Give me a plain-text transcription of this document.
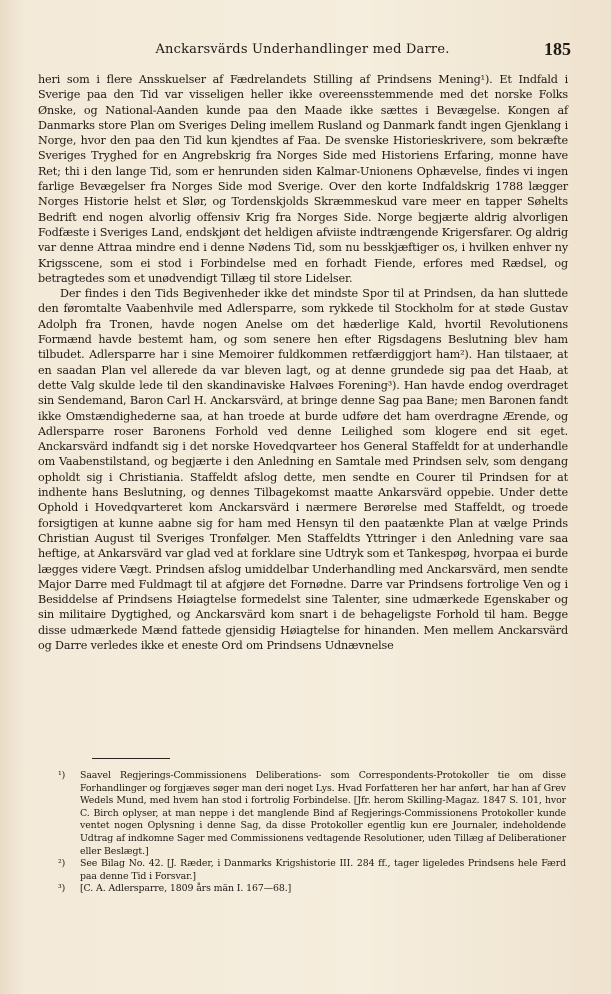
Anckarsvärds Underhandlinger med Darre.	185

heri som i flere Ansskuelser af Fædrelandets Stilling af Prindsens Mening¹). Et Indfald i Sverige paa den Tid var visseligen heller ikke overeensstemmende med det norske Folks Ønske, og National-Aanden kunde paa den Maade ikke sættes i Bevægelse. Kongen af Danmarks store Plan om Sveriges Deling imellem Rusland og Danmark fandt ingen Gjenklang i Norge, hvor den paa den Tid kun kjendtes af Faa. De svenske Historieskrivere, som bekræfte Sveriges Tryghed for en Angrebskrig fra Norges Side med Historiens Erfaring, monne have Ret; thi i den lange Tid, som er henrunden siden Kalmar-Unionens Ophævelse, findes vi ingen farlige Bevægelser fra Norges Side mod Sverige. Over den korte Indfaldskrig 1788 lægger Norges Historie helst et Slør, og Tordenskjolds Skræmmeskud vare meer en tapper Søhelts Bedrift end nogen alvorlig offensiv Krig fra Norges Side. Norge begjærte aldrig alvorligen Fodfæste i Sveriges Land, endskjønt det heldigen afviiste indtrængende Krigersfarer. Og aldrig var denne Attraa mindre end i denne Nødens Tid, som nu besskjæftiger os, i hvilken enhver ny Krigsscene, som ei stod i Forbindelse med en forhadt Fiende, erfores med Rædsel, og betragtedes som et unødvendigt Tillæg til store Lidelser.

Der findes i den Tids Begivenheder ikke det mindste Spor til at Prindsen, da han sluttede den føromtalte Vaabenhvile med Adlersparre, som rykkede til Stockholm for at støde Gustav Adolph fra Tronen, havde nogen Anelse om det hæderlige Kald, hvortil Revolutionens Formænd havde bestemt ham, og som senere hen efter Rigsdagens Beslutning blev ham tilbudet. Adlersparre har i sine Memoirer fuldkommen retfærdiggjort ham²). Han tilstaaer, at en saadan Plan vel allerede da var bleven lagt, og at denne grundede sig paa det Haab, at dette Valg skulde lede til den skandinaviske Halvøes Forening³). Han havde endog overdraget sin Sendemand, Baron Carl H. Anckarsvärd, at bringe denne Sag paa Bane; men Baronen fandt ikke Omstændighederne saa, at han troede at burde udføre det ham overdragne Ærende, og Adlersparre roser Baronens Forhold ved denne Leilighed som klogere end sit eget. Anckarsvärd indfandt sig i det norske Hovedqvarteer hos General Staffeldt for at underhandle om Vaabenstilstand, og begjærte i den Anledning en Samtale med Prindsen selv, som dengang opholdt sig i Christiania. Staffeldt afslog dette, men sendte en Courer til Prindsen for at indhente hans Beslutning, og dennes Tilbagekomst maatte Ankarsvärd oppebie. Under dette Ophold i Hovedqvarteret kom Anckarsvärd i nærmere Berørelse med Staffeldt, og troede forsigtigen at kunne aabne sig for ham med Hensyn til den paatænkte Plan at vælge Prinds Christian August til Sveriges Tronfølger. Men Staffeldts Yttringer i den Anledning vare saa heftige, at Ankarsvärd var glad ved at forklare sine Udtryk som et Tankespøg, hvorpaa ei burde lægges videre Vægt. Prindsen afslog umiddelbar Underhandling med Anckarsvärd, men sendte Major Darre med Fuldmagt til at afgjøre det Fornødne. Darre var Prindsens fortrolige Ven og i Besiddelse af Prindsens Høiagtelse formedelst sine Talenter, sine udmærkede Egenskaber og sin militaire Dygtighed, og Anckarsvärd kom snart i de behageligste Forhold til ham. Begge disse udmærkede Mænd fattede gjensidig Høiagtelse for hinanden. Men mellem Anckarsvärd og Darre verledes ikke et eneste Ord om Prindsens Udnævnelse

¹) Saavel Regjerings-Commissionens Deliberations- som Correspondents-Protokoller tie om disse Forhandlinger og forgjæves søger man deri noget Lys. Hvad Forfatteren her har anført, har han af Grev Wedels Mund, med hvem han stod i fortrolig Forbindelse. [Jfr. herom Skilling-Magaz. 1847 S. 101, hvor C. Birch oplyser, at man neppe i det manglende Bind af Regjerings-Commissionens Protokoller kunde ventet nogen Oplysning i denne Sag, da disse Protokoller egentlig kun ere Journaler, indeholdende Udtrag af indkomne Sager med Commissionens vedtagende Resolutioner, uden Tillæg af Deliberationer eller Beslægt.]
²) See Bilag No. 42. [J. Ræder, i Danmarks Krigshistorie III. 284 ff., tager ligeledes Prindsens hele Færd paa denne Tid i Forsvar.]
³) [C. A. Adlersparre, 1809 års män I. 167—68.]
